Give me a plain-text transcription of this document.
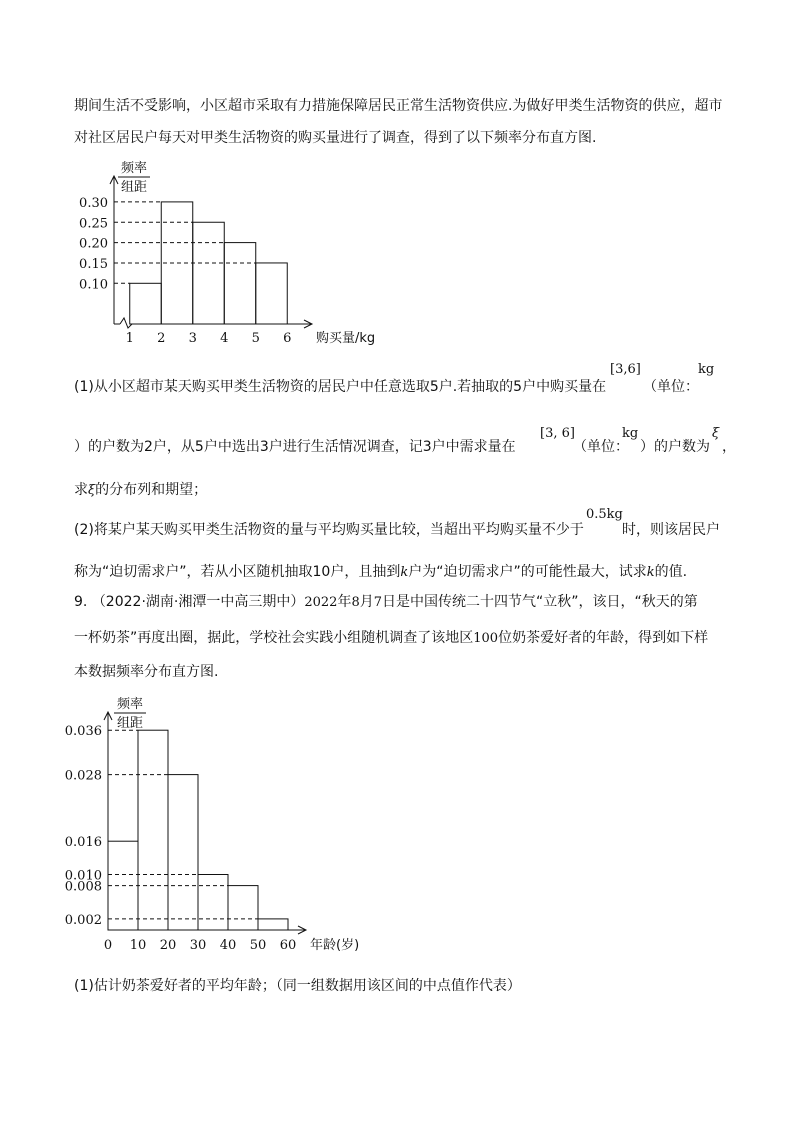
期间生活不受影响，小区超市采取有力措施保障居民正常生活物资供应.为做好甲类生活物资的供应，超市
对社区居民户每天对甲类生活物资的购买量进行了调查，得到了以下频率分布直方图.
频率
组距
0.30
0.25
0.20
0.15
0.10
1 2 3 4 5 6 购买量/kg
(1)从小区超市某天购买甲类生活物资的居民户中任意选取5户.若抽取的5户中购买量在
[3,6]
（单位：
kg
）的户数为2户，从5户中选出3户进行生活情况调查，记3户中需求量在
[3, 6]
（单位：
kg
）的户数为
ξ
，
求ξ的分布列和期望；
(2)将某户某天购买甲类生活物资的量与平均购买量比较，当超出平均购买量不少于
0.5kg
时，则该居民户
称为“迫切需求户”，若从小区随机抽取10户，且抽到k户为“迫切需求户”的可能性最大，试求k的值.
9. （2022·湖南·湘潭一中高三期中）2022年8月7日是中国传统二十四节气“立秋”，该日，“秋天的第
一杯奶茶”再度出圈，据此，学校社会实践小组随机调查了该地区100位奶茶爱好者的年龄，得到如下样
本数据频率分布直方图.
频率
组距
0.036
0.028
0.016
0.010
0.008
0.002
0 10 20 30 40 50 60 年龄(岁)
(1)估计奶茶爱好者的平均年龄；（同一组数据用该区间的中点值作代表）
